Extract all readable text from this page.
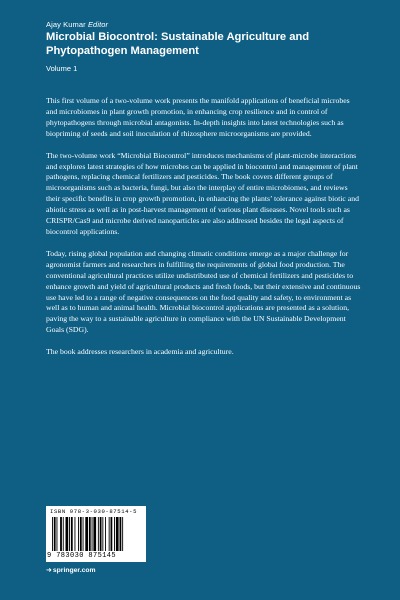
Ajay Kumar Editor
Microbial Biocontrol: Sustainable Agriculture and Phytopathogen Management
Volume 1

This first volume of a two-volume work presents the manifold applications of beneficial microbes and microbiomes in plant growth promotion, in enhancing crop resilience and in control of phytopathogens through microbial antagonists. In-depth insights into latest technologies such as biopriming of seeds and soil inoculation of rhizosphere microorganisms are provided.

The two-volume work “Microbial Biocontrol” introduces mechanisms of plant-microbe interactions and explores latest strategies of how microbes can be applied in biocontrol and management of plant pathogens, replacing chemical fertilizers and pesticides. The book covers different groups of microorganisms such as bacteria, fungi, but also the interplay of entire microbiomes, and reviews their specific benefits in crop growth promotion, in enhancing the plants’ tolerance against biotic and abiotic stress as well as in post-harvest management of various plant diseases. Novel tools such as CRISPR/Cas9 and microbe derived nanoparticles are also addressed besides the legal aspects of biocontrol applications.

Today, rising global population and changing climatic conditions emerge as a major challenge for agronomist farmers and researchers in fulfilling the requirements of global food production. The conventional agricultural practices utilize undistributed use of chemical fertilizers and pesticides to enhance growth and yield of agricultural products and fresh foods, but their extensive and continuous use have led to a range of negative consequences on the food quality and safety, to environment as well as to human and animal health. Microbial biocontrol applications are presented as a solution, paving the way to a sustainable agriculture in compliance with the UN Sustainable Development Goals (SDG).

The book addresses researchers in academia and agriculture.

ISBN 978-3-030-87514-5
9 783030 875145
➜springer.com
